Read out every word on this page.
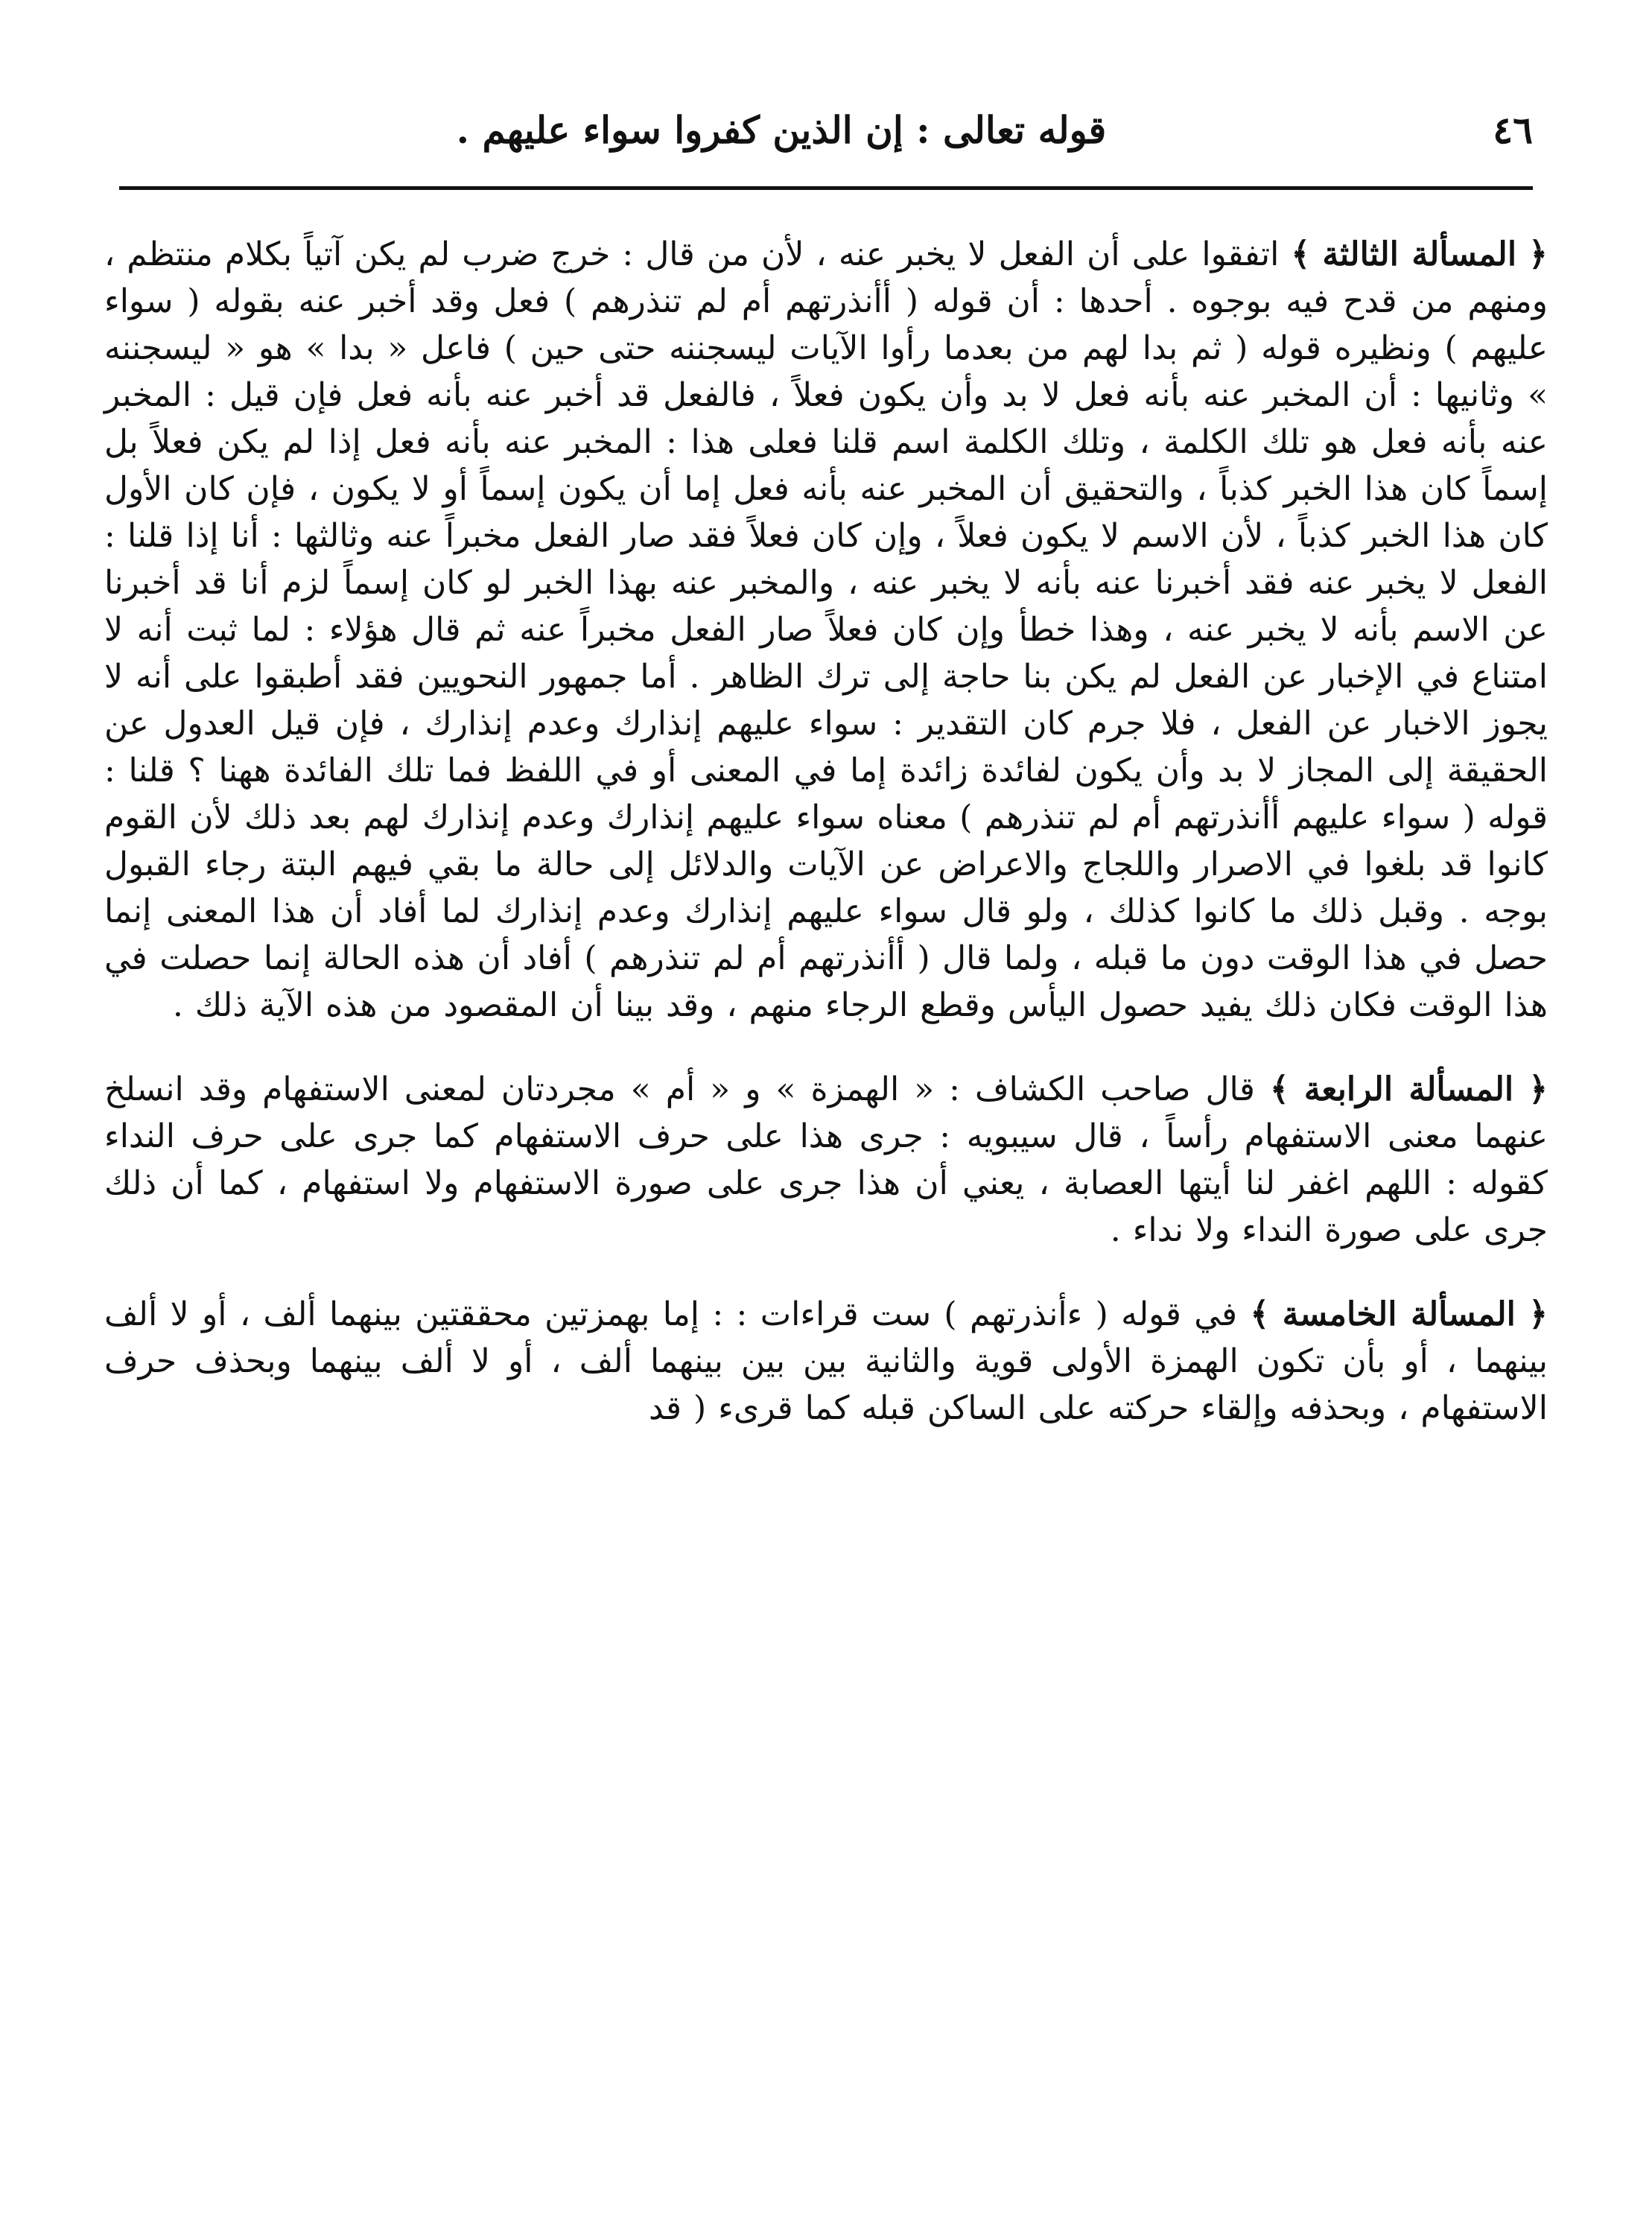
٤٦
قوله تعالى : إن الذين كفروا سواء عليهم .

﴿ المسألة الثالثة ﴾ اتفقوا على أن الفعل لا يخبر عنه ، لأن من قال : خرج ضرب لم يكن آتياً بكلام منتظم ، ومنهم من قدح فيه بوجوه . أحدها : أن قوله ( أأنذرتهم أم لم تنذرهم ) فعل وقد أخبر عنه بقوله ( سواء عليهم ) ونظيره قوله ( ثم بدا لهم من بعدما رأوا الآيات ليسجننه حتى حين ) فاعل « بدا » هو « ليسجننه » وثانيها : أن المخبر عنه بأنه فعل لا بد وأن يكون فعلاً ، فالفعل قد أخبر عنه بأنه فعل فإن قيل : المخبر عنه بأنه فعل هو تلك الكلمة ، وتلك الكلمة اسم قلنا فعلى هذا : المخبر عنه بأنه فعل إذا لم يكن فعلاً بل إسماً كان هذا الخبر كذباً ، والتحقيق أن المخبر عنه بأنه فعل إما أن يكون إسماً أو لا يكون ، فإن كان الأول كان هذا الخبر كذباً ، لأن الاسم لا يكون فعلاً ، وإن كان فعلاً فقد صار الفعل مخبراً عنه وثالثها : أنا إذا قلنا : الفعل لا يخبر عنه فقد أخبرنا عنه بأنه لا يخبر عنه ، والمخبر عنه بهذا الخبر لو كان إسماً لزم أنا قد أخبرنا عن الاسم بأنه لا يخبر عنه ، وهذا خطأ وإن كان فعلاً صار الفعل مخبراً عنه ثم قال هؤلاء : لما ثبت أنه لا امتناع في الإخبار عن الفعل لم يكن بنا حاجة إلى ترك الظاهر . أما جمهور النحويين فقد أطبقوا على أنه لا يجوز الاخبار عن الفعل ، فلا جرم كان التقدير : سواء عليهم إنذارك وعدم إنذارك ، فإن قيل العدول عن الحقيقة إلى المجاز لا بد وأن يكون لفائدة زائدة إما في المعنى أو في اللفظ فما تلك الفائدة ههنا ؟ قلنا : قوله ( سواء عليهم أأنذرتهم أم لم تنذرهم ) معناه سواء عليهم إنذارك وعدم إنذارك لهم بعد ذلك لأن القوم كانوا قد بلغوا في الاصرار واللجاج والاعراض عن الآيات والدلائل إلى حالة ما بقي فيهم البتة رجاء القبول بوجه . وقبل ذلك ما كانوا كذلك ، ولو قال سواء عليهم إنذارك وعدم إنذارك لما أفاد أن هذا المعنى إنما حصل في هذا الوقت دون ما قبله ، ولما قال ( أأنذرتهم أم لم تنذرهم ) أفاد أن هذه الحالة إنما حصلت في هذا الوقت فكان ذلك يفيد حصول اليأس وقطع الرجاء منهم ، وقد بينا أن المقصود من هذه الآية ذلك .

﴿ المسألة الرابعة ﴾ قال صاحب الكشاف : « الهمزة » و « أم » مجردتان لمعنى الاستفهام وقد انسلخ عنهما معنى الاستفهام رأساً ، قال سيبويه : جرى هذا على حرف الاستفهام كما جرى على حرف النداء كقوله : اللهم اغفر لنا أيتها العصابة ، يعني أن هذا جرى على صورة الاستفهام ولا استفهام ، كما أن ذلك جرى على صورة النداء ولا نداء .

﴿ المسألة الخامسة ﴾ في قوله ( ءأنذرتهم ) ست قراءات : : إما بهمزتين محققتين بينهما ألف ، أو لا ألف بينهما ، أو بأن تكون الهمزة الأولى قوية والثانية بين بين بينهما ألف ، أو لا ألف بينهما وبحذف حرف الاستفهام ، وبحذفه وإلقاء حركته على الساكن قبله كما قرىء ( قد
